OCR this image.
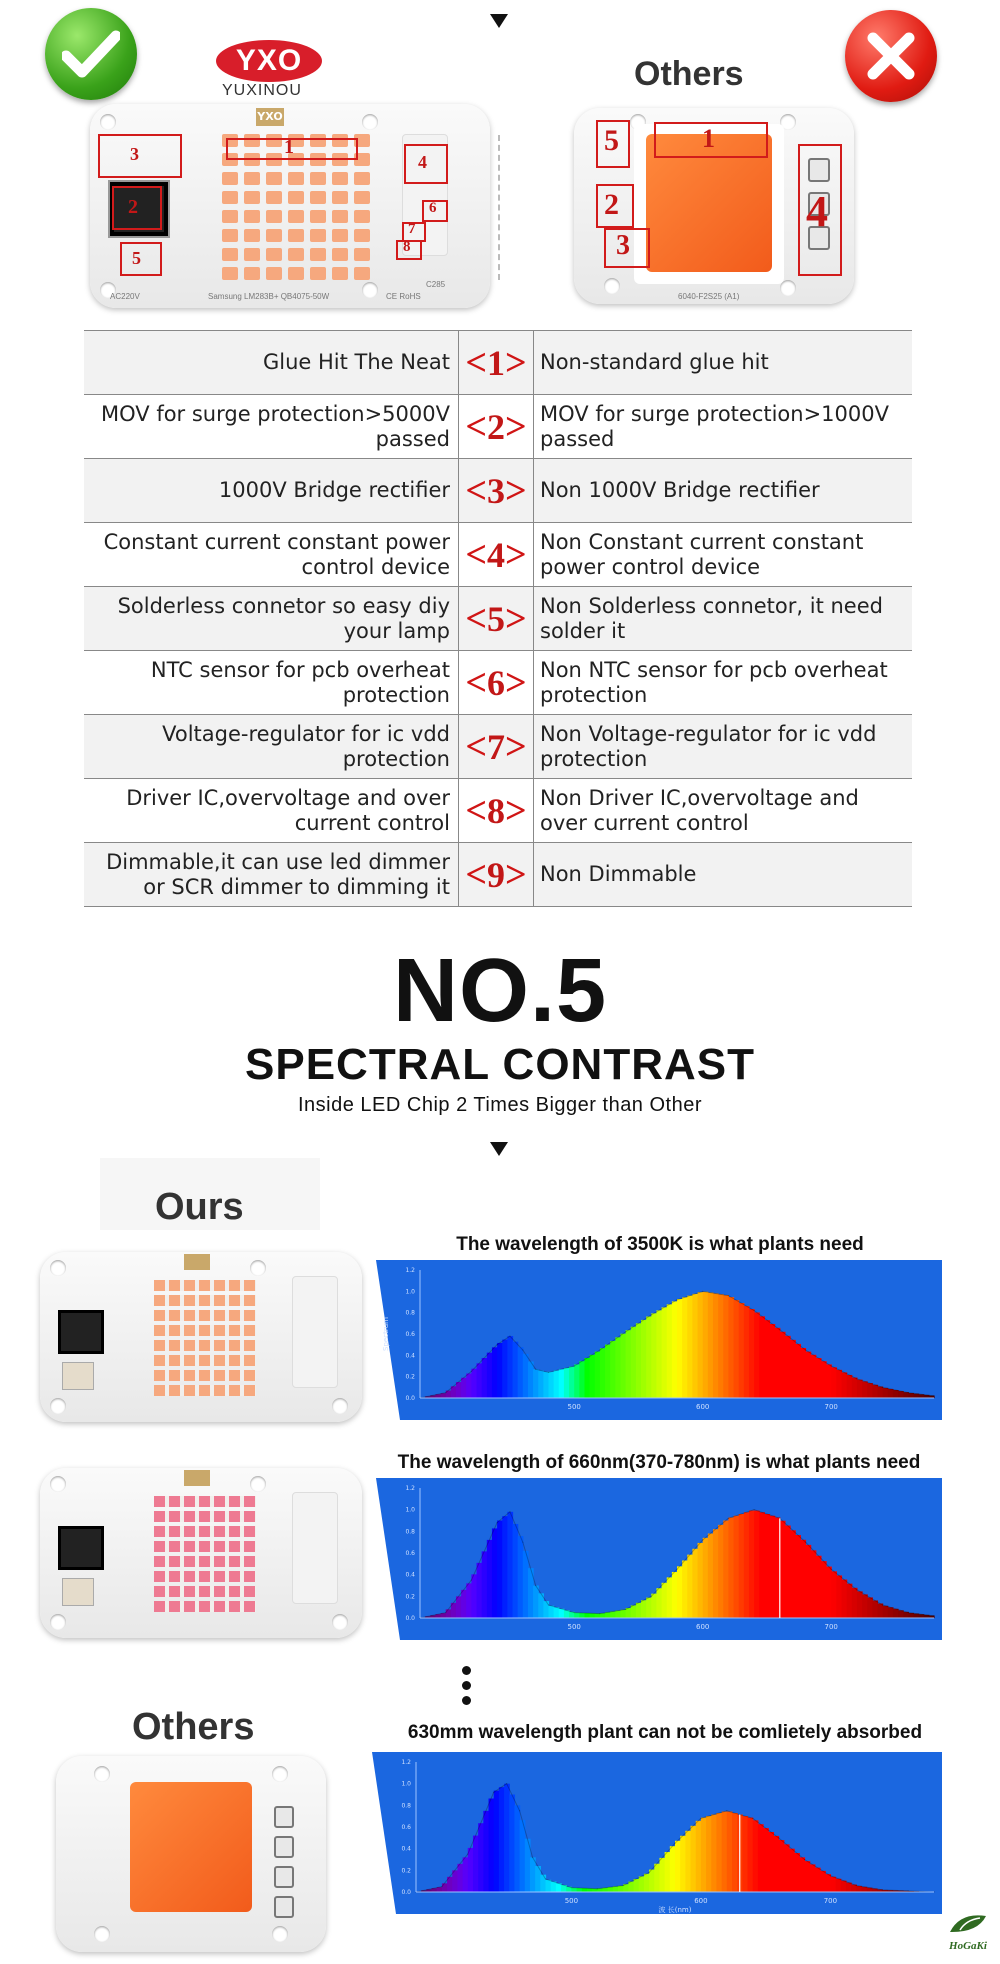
YXO
YUXINOU	Others
YXO
AC220V	Samsung LM283B+ QB4075-50W	CE RoHS
C285
1
3
2
5
4
6
7
8
6040-F2S25 (A1)
1
5
2
3
4
Glue Hit The Neat	<1>	Non-standard glue hit
MOV for surge protection>5000V passed	<2>	MOV for surge protection>1000V passed
1000V Bridge rectifier	<3>	Non 1000V Bridge rectifier
Constant current constant power control device	<4>	Non Constant current constant power control device
Solderless connetor so easy diy your lamp	<5>	Non Solderless connetor, it need solder it
NTC sensor for pcb overheat protection	<6>	Non NTC sensor for pcb overheat protection
Voltage-regulator for ic vdd protection	<7>	Non Voltage-regulator for ic vdd protection
Driver IC,overvoltage and over current control	<8>	Non Driver IC,overvoltage and over current control
Dimmable,it can use led dimmer or SCR dimmer to dimming it	<9>	Non Dimmable
NO.5
SPECTRAL CONTRAST
Inside LED Chip 2 Times Bigger than Other
Ours
Others
The wavelength of 3500K is what plants need
500	600	700
0.0
0.2
0.4
0.6
0.8
1.0
1.2
Spectrum
The wavelength of 660nm(370-780nm) is what plants need
500	600	700
0.0
0.2
0.4
0.6
0.8
1.0
1.2
630mm wavelength plant can not be comlietely absorbed
500	600	700
0.0
0.2
0.4
0.6
0.8
1.0
1.2
波 长(nm)
HoGaKi
